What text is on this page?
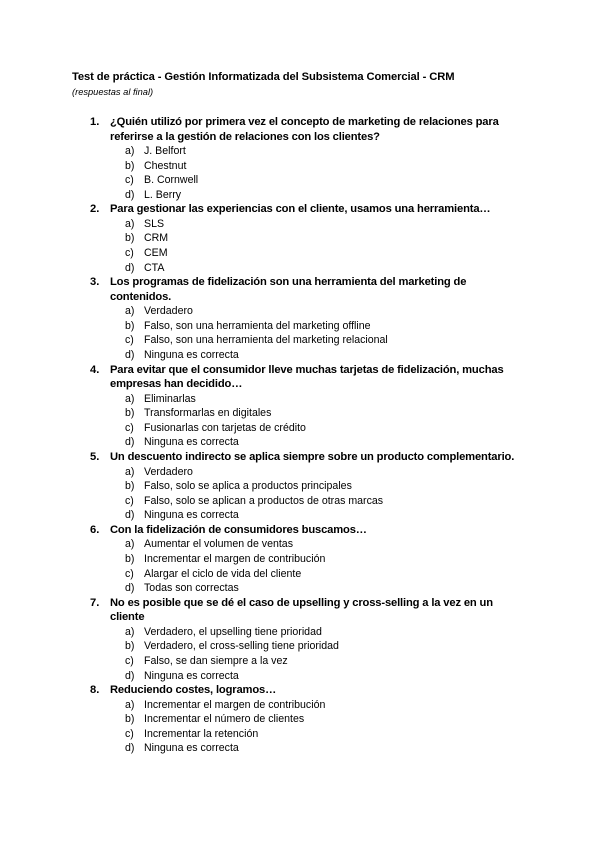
Test de práctica - Gestión Informatizada del Subsistema Comercial - CRM
(respuestas al final)
1. ¿Quién utilizó por primera vez el concepto de marketing de relaciones para referirse a la gestión de relaciones con los clientes?
a) J. Belfort
b) Chestnut
c) B. Cornwell
d) L. Berry
2. Para gestionar las experiencias con el cliente, usamos una herramienta…
a) SLS
b) CRM
c) CEM
d) CTA
3. Los programas de fidelización son una herramienta del marketing de contenidos.
a) Verdadero
b) Falso, son una herramienta del marketing offline
c) Falso, son una herramienta del marketing relacional
d) Ninguna es correcta
4. Para evitar que el consumidor lleve muchas tarjetas de fidelización, muchas empresas han decidido…
a) Eliminarlas
b) Transformarlas en digitales
c) Fusionarlas con tarjetas de crédito
d) Ninguna es correcta
5. Un descuento indirecto se aplica siempre sobre un producto complementario.
a) Verdadero
b) Falso, solo se aplica a productos principales
c) Falso, solo se aplican a productos de otras marcas
d) Ninguna es correcta
6. Con la fidelización de consumidores buscamos…
a) Aumentar el volumen de ventas
b) Incrementar el margen de contribución
c) Alargar el ciclo de vida del cliente
d) Todas son correctas
7. No es posible que se dé el caso de upselling y cross-selling a la vez en un cliente
a) Verdadero, el upselling tiene prioridad
b) Verdadero, el cross-selling tiene prioridad
c) Falso, se dan siempre a la vez
d) Ninguna es correcta
8. Reduciendo costes, logramos…
a) Incrementar el margen de contribución
b) Incrementar el número de clientes
c) Incrementar la retención
d) Ninguna es correcta
